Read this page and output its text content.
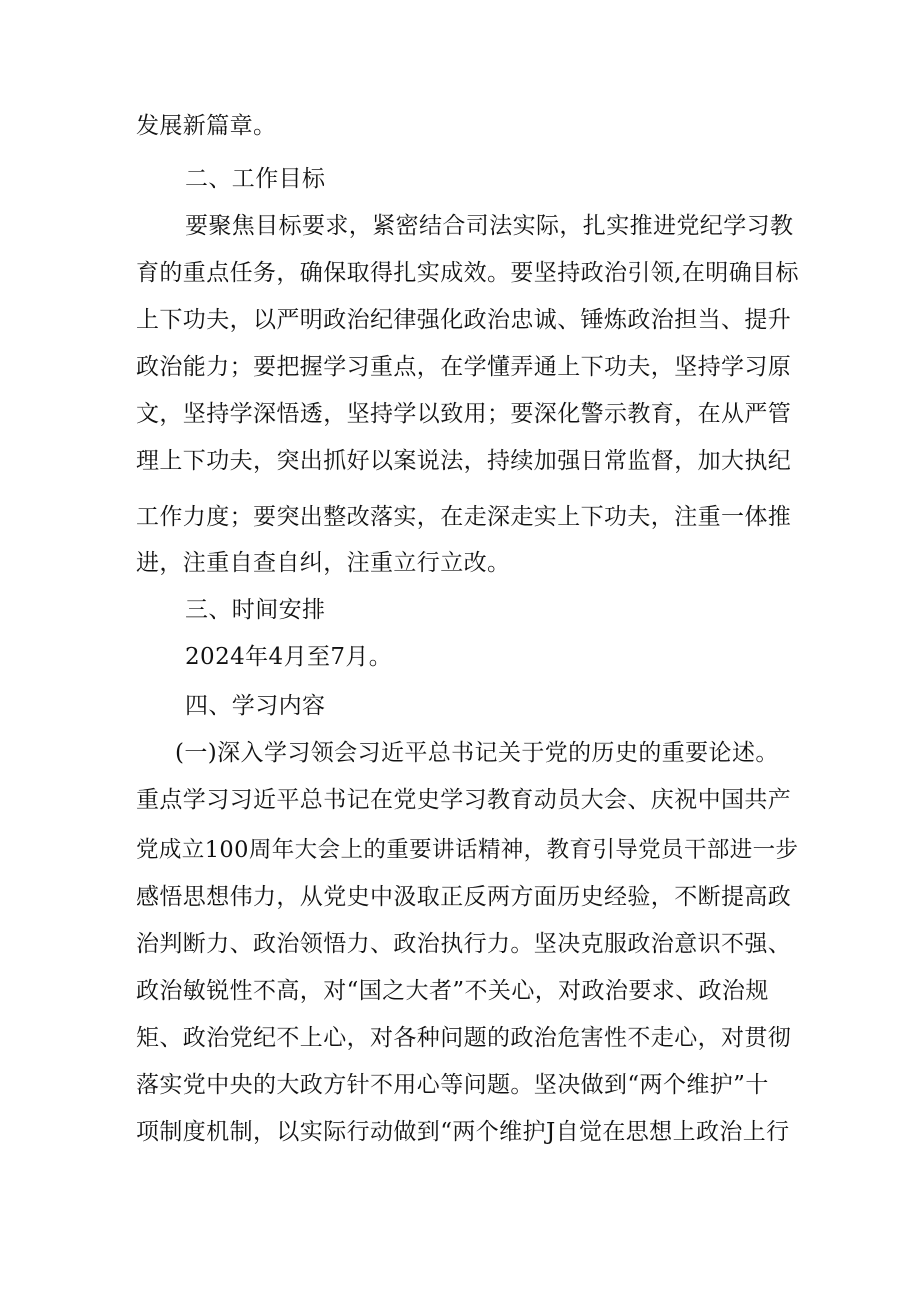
发展新篇章。
二、工作目标
要聚焦目标要求，紧密结合司法实际，扎实推进党纪学习教
育的重点任务，确保取得扎实成效。要坚持政治引领,在明确目标
上下功夫，以严明政治纪律强化政治忠诚、锤炼政治担当、提升
政治能力；要把握学习重点，在学懂弄通上下功夫，坚持学习原
文，坚持学深悟透，坚持学以致用；要深化警示教育，在从严管
理上下功夫，突出抓好以案说法，持续加强日常监督，加大执纪
工作力度；要突出整改落实，在走深走实上下功夫，注重一体推
进，注重自查自纠，注重立行立改。
三、时间安排
2024年4月至7月。
四、学习内容
(一)深入学习领会习近平总书记关于党的历史的重要论述。
重点学习习近平总书记在党史学习教育动员大会、庆祝中国共产
党成立100周年大会上的重要讲话精神，教育引导党员干部进一步
感悟思想伟力，从党史中汲取正反两方面历史经验，不断提高政
治判断力、政治领悟力、政治执行力。坚决克服政治意识不强、
政治敏锐性不高，对“国之大者”不关心，对政治要求、政治规
矩、政治党纪不上心，对各种问题的政治危害性不走心，对贯彻
落实党中央的大政方针不用心等问题。坚决做到“两个维护”十
项制度机制，以实际行动做到“两个维护J自觉在思想上政治上行
